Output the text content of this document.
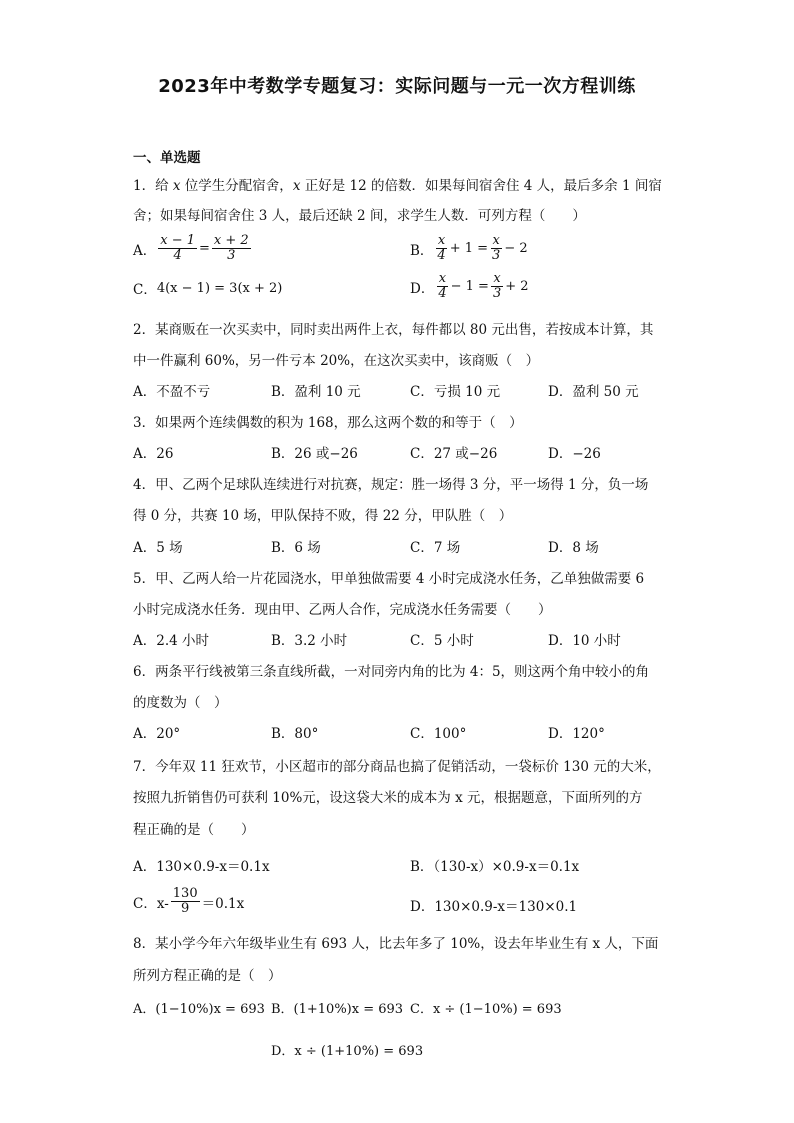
2023年中考数学专题复习：实际问题与一元一次方程训练
一、单选题
1．给 x 位学生分配宿舍，x 正好是 12 的倍数．如果每间宿舍住 4 人，最后多余 1 间宿
舍；如果每间宿舍住 3 人，最后还缺 2 间，求学生人数．可列方程（　　）
A． $\frac{x - 1}{4} = \frac{x + 2}{3}$	B． $\frac{x}{4} + 1 = \frac{x}{3} - 2$
C． 4(x − 1) = 3(x + 2)	D． $\frac{x}{4} - 1 = \frac{x}{3} + 2$
2．某商贩在一次买卖中，同时卖出两件上衣，每件都以 80 元出售，若按成本计算，其
中一件赢利 60%，另一件亏本 20%，在这次买卖中，该商贩（　）
A．不盈不亏	B．盈利 10 元	C．亏损 10 元	D．盈利 50 元
3．如果两个连续偶数的积为 168，那么这两个数的和等于（　）
A．26	B．26 或−26	C．27 或−26	D．−26
4．甲、乙两个足球队连续进行对抗赛，规定：胜一场得 3 分，平一场得 1 分，负一场
得 0 分，共赛 10 场，甲队保持不败，得 22 分，甲队胜（　）
A．5 场	B．6 场	C．7 场	D．8 场
5．甲、乙两人给一片花园浇水，甲单独做需要 4 小时完成浇水任务，乙单独做需要 6
小时完成浇水任务．现由甲、乙两人合作，完成浇水任务需要（　　）
A．2.4 小时	B．3.2 小时	C．5 小时	D．10 小时
6．两条平行线被第三条直线所截，一对同旁内角的比为 4：5，则这两个角中较小的角
的度数为（　）
A．20°	B．80°	C．100°	D．120°
7．今年双 11 狂欢节，小区超市的部分商品也搞了促销活动，一袋标价 130 元的大米，
按照九折销售仍可获利 10%元，设这袋大米的成本为 x 元，根据题意，下面所列的方
程正确的是（　　）
A．130×0.9-x＝0.1x	B．（130-x）×0.9-x＝0.1x
C．$x- \frac{130}{9} =0.1x$	D．130×0.9-x＝130×0.1
8．某小学今年六年级毕业生有 693 人，比去年多了 10%，设去年毕业生有 x 人，下面
所列方程正确的是（　）
A．(1−10%)x = 693 B．(1+10%)x = 693 C．x ÷ (1−10%) = 693
D．x ÷ (1+10%) = 693
